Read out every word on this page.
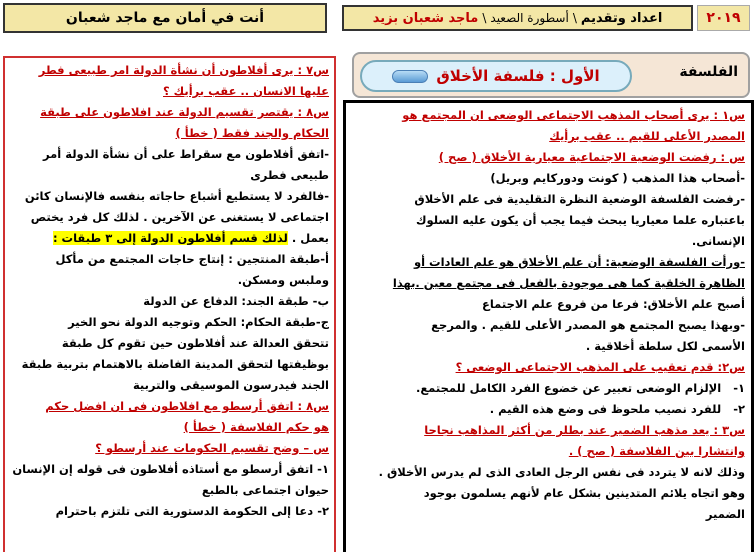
٢٠١٩
اعداد وتقديم
\
أسطورة الصعيد
\
ماجد شعبان بزيد
أنت في أمان مع ماجد شعبان
الفلسفة
الأول : فلسفة الأخلاق
س١ : يرى أصحاب المذهب الاجتماعى الوضعى ان المجتمع هو
المصدر الأعلى للقيم .. عقب برأيك
س : رفضت الوضعية الاجتماعية معيارية الأخلاق ( صح )
-أصحاب هذا المذهب ( كونت ودوركايم وبريل)
-رفضت الفلسفة الوضعية النظرة التقليدية فى علم الأخلاق
باعتباره علما معياريا يبحث فيما يجب أن يكون عليه السلوك
الإنسانى.
-ورأت الفلسفة الوضعية: أن علم الأخلاق هو علم العادات أو
الظاهرة الخلقية كما هى موجودة بالفعل فى مجتمع معين .بهذا
أصبح علم الأخلاق: فرعا من فروع علم الاجتماع
-وبهذا يصبح المجتمع هو المصدر الأعلى للقيم . والمرجع
الأسمى لكل سلطة أخلاقية .
س٢: قدم تعقيب على المذهب الاجتماعى الوضعى ؟
١-   الإلزام الوضعى تعبير عن خضوع الفرد الكامل للمجتمع.
٢-   للفرد نصيب ملحوظ فى وضع هذه القيم .
س٣ : يعد مذهب الضمير عند بطلر من أكثر المذاهب نجاحا
وانتشارا بين الفلاسفة ( صح ) .
وذلك لانه لا يتردد فى نفس الرجل العادى الذى لم يدرس الأخلاق .
وهو اتجاه يلائم المتدينين بشكل عام لأنهم يسلمون بوجود
الضمير
س٧ : يرى أفلاطون أن نشأة الدولة امر طبيعى فطر
عليها الانسان .. عقب برأيك ؟
س٨ : يقتصر تقسيم الدولة عند افلاطون على طبقة
الحكام والجند فقط ( خطأ )
-اتفق أفلاطون مع سقراط على أن نشأة الدولة أمر
طبيعى فطرى
-فالفرد لا يستطيع أشباع حاجاته بنفسه فالإنسان كائن
اجتماعى لا يستغنى عن الآخرين . لذلك كل فرد يختص
بعمل . لذلك قسم أفلاطون الدولة إلى ٣ طبقات :
أ-طبقة المنتجين : إنتاج حاجات المجتمع من مأكل
وملبس ومسكن.
ب- طبقة الجند: الدفاع عن الدولة
ج-طبقة الحكام: الحكم وتوجيه الدولة نحو الخير
تتحقق العدالة عند أفلاطون حين تقوم كل طبقة
بوظيفتها لتحقق المدينة الفاضلة بالاهتمام بتربية طبقة
الجند فيدرسون الموسيقى والتربية
س٨ : اتفق أرسطو مع افلاطون فى ان افضل حكم
هو حكم الفلاسفة ( خطأ )
س – وضح تقسيم الحكومات عند أرسطو ؟
١- اتفق أرسطو مع أستاذه أفلاطون فى قوله إن الإنسان
حيوان اجتماعى بالطبع
٢- دعا إلى الحكومة الدستورية التى تلتزم باحترام
